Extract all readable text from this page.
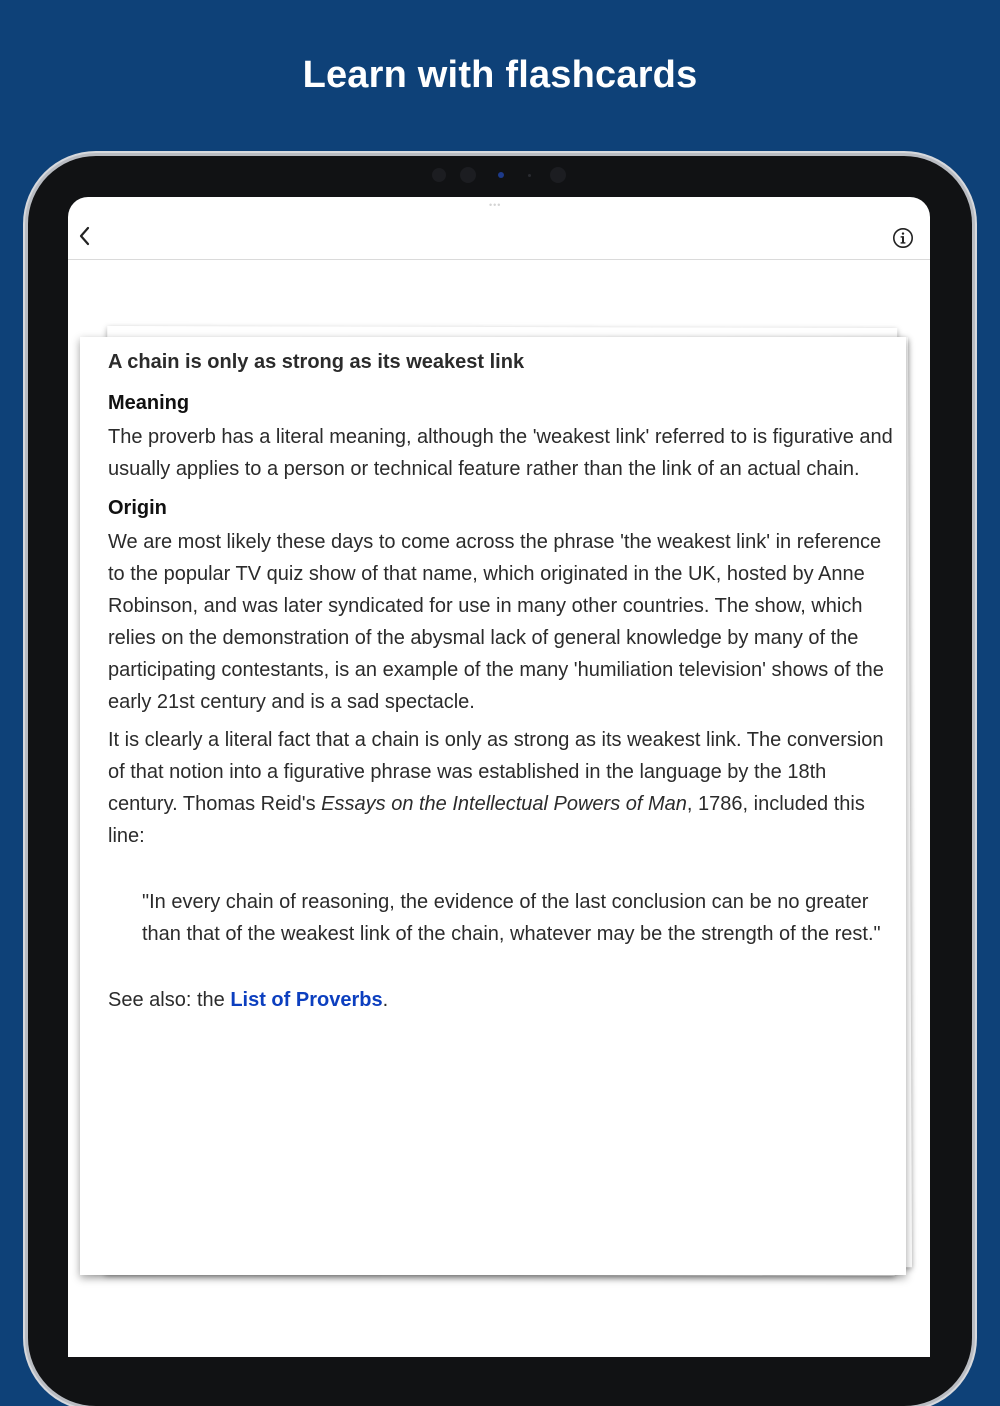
Learn with flashcards
•••
A chain is only as strong as its weakest link
Meaning
The proverb has a literal meaning, although the 'weakest link' referred to is figurative and usually applies to a person or technical feature rather than the link of an actual chain.
Origin
We are most likely these days to come across the phrase 'the weakest link' in reference to the popular TV quiz show of that name, which originated in the UK, hosted by Anne Robinson, and was later syndicated for use in many other countries. The show, which relies on the demonstration of the abysmal lack of general knowledge by many of the participating contestants, is an example of the many 'humiliation television' shows of the early 21st century and is a sad spectacle.
It is clearly a literal fact that a chain is only as strong as its weakest link. The conversion of that notion into a figurative phrase was established in the language by the 18th century. Thomas Reid's Essays on the Intellectual Powers of Man, 1786, included this line:
"In every chain of reasoning, the evidence of the last conclusion can be no greater than that of the weakest link of the chain, whatever may be the strength of the rest."
See also: the List of Proverbs.
